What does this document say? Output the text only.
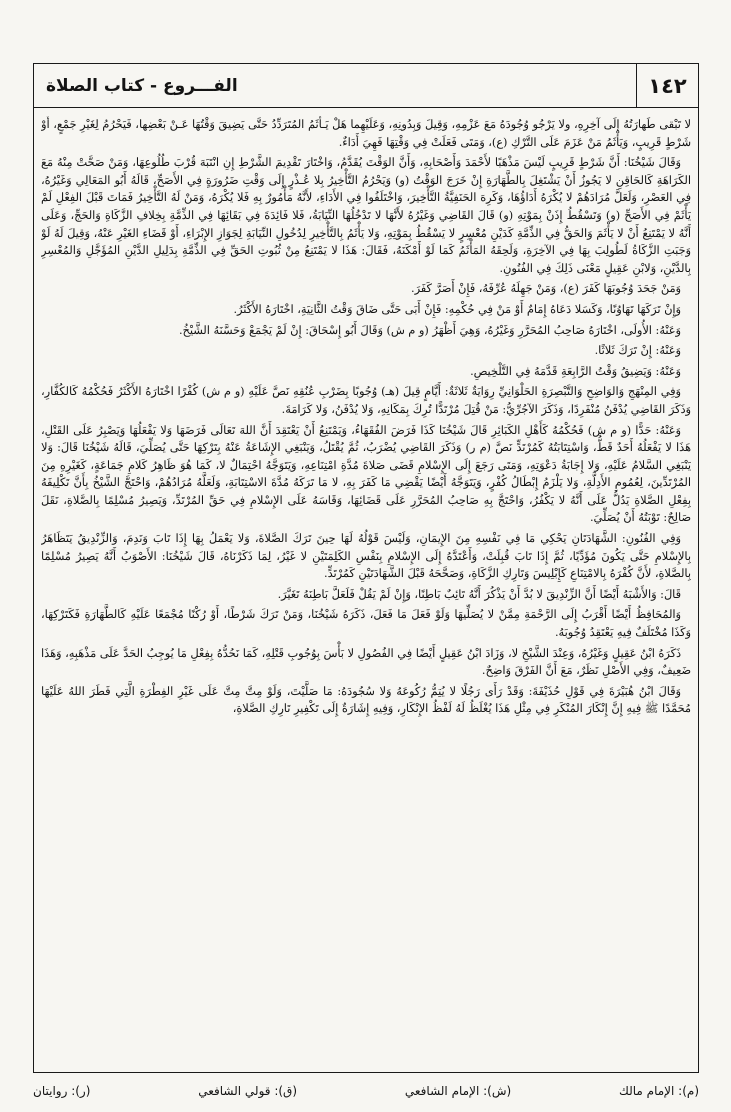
الفـــروع - كتاب الصلاة	١٤٢

لا تَبْقى طَهارَتُهُ إلَى آخِرِهِ، ولا يَرْجُو وُجُودَهُ مَعَ عَزْمِهِ، وَقِيلَ وَبِدُونِهِ، وَعَلَيْهِما هَلْ يَـأْثَمُ المُتَرَدِّدُ حَتَّى يَضِيقَ وَقْتُهَا عَـنْ بَعْضِها، فَيَحْرُمُ لِغَيْرِ جَمْعٍ، أَوْ شَرْطٍ قَرِيبٍ، وَيَأْثَمُ مَنْ عَزَمَ عَلَى التَّرْكِ (ع)، وَمَتَى فَعَلَتْ فِي وَقْتِهَا فَهِيَ أَدَاءٌ.

وَقَالَ شَيْخُنَا: أَنَّ شَرْطٍ قَرِيبٍ لَيْسَ مَذْهَبًا لأَحْمَدَ وَأَصْحَابِهِ، وَأَنَّ الوَقْتَ يُقَدَّمُ، وَاخْتَارَ تَقْدِيمَ الشَّرْطِ إِنِ انْتَبَهَ قُرْبَ طُلُوعِهَا، وَمَنْ صَحَّتْ مِنْهُ مَعَ الكَرَاهَةِ كَالحَاقِنِ لا يَجُوزُ أَنْ يَشْتَغِلَ بِالطَّهَارَةِ إِنْ خَرَجَ الوَقْتُ (و) وَيَحْرُمُ التَّأْخِيرُ بِلا عُـذْرٍ إِلَى وَقْتِ ضَرُورَةٍ فِي الأَصَحِّ، قَالَهُ أَبُو المَعَالِي وَغَيْرُهُ، فِي العَصْرِ، وَلَعَلَّ مُرَادَهُمْ لا يُكْرَهُ أَدَاؤُهَا، وَكَرِهَ الحَنَفِيَّةُ التَّأْخِيرَ، وَاخْتَلَفُوا فِي الأَدَاءِ، لأَنَّهُ مَأْمُورٌ بِهِ فَلا يُكْرَهُ، وَمَنْ لَهُ التَّأْخِيرُ فَمَاتَ قَبْلَ الفِعْلِ لَمْ يَأْثَمْ فِي الأَصَحِّ (و) وَتَسْقُطُ إِذَنْ بِمَوْتِهِ (و) قَالَ القَاضِي وَغَيْرُهُ لأَنَّهَا لا تَدْخُلُهَا النِّيَابَةُ، فَلا فَائِدَةَ فِي بَقَائِهَا فِي الذِّمَّةِ بِخِلافِ الزَّكَاةِ وَالحَجِّ، وَعَلَى أَنَّهُ لا يَمْتَنِعُ أَنْ لا يَأْثَمَ وَالحَقُّ فِي الذِّمَّةِ كَدَيْنِ مُعْسِرٍ لا يَسْقُطُ بِمَوْتِهِ، وَلا يَأْثَمُ بِالتَّأْخِيرِ لِدُخُولِ النِّيَابَةِ لِجَوَازِ الإِبْرَاءِ، أَوْ قَضَاءِ الغَيْرِ عَنْهُ، وَقِيلَ لَهُ لَوْ وَجَبَتِ الزَّكَاةُ لَطُولِبَ بِهَا فِي الآخِرَةِ، وَلَحِقَهُ المَأْثَمُ كَمَا لَوْ أَمْكَنَهُ، فَقَالَ: هَذَا لا يَمْتَنِعُ مِنْ ثُبُوتِ الحَقِّ فِي الذِّمَّةِ بِدَلِيلِ الدَّيْنِ المُؤَجَّلِ وَالمُعْسِرِ بِالدَّيْنِ، وَلابْنِ عَقِيلٍ مَعْنَى ذَلِكَ فِي الفُنُونِ.

وَمَنْ جَحَدَ وُجُوبَهَا كَفَرَ (ع)، وَمَنْ جَهِلَهُ عُرِّفَهُ، فَإِنْ أَصَرَّ كَفَرَ.

وَإِنْ تَرَكَهَا تَهَاوُنًا، وَكَسَلا دَعَاهُ إِمَامٌ أَوْ مَنْ فِي حُكْمِهِ: فَإِنْ أَبَى حَتَّى ضَاقَ وَقْتُ الثَّانِيَةِ، اخْتَارَهُ الأَكْثَرُ.

وَعَنْهُ: الأُولَى، اخْتَارَهُ صَاحِبُ المُحَرَّرِ وَغَيْرُهُ، وَهِيَ أَظْهَرُ (و م ش) وَقَالَ أَبُو إِسْحَاقَ: إِنْ لَمْ يَجْمَعْ وَحَسَّنَهُ الشَّيْخُ.

وَعَنْهُ: إِنْ تَرَكَ ثَلاثًا.

وَعَنْهُ: وَيَضِيقُ وَقْتُ الرَّابِعَةِ قَدَّمَهُ فِي التَّلْخِيصِ.

وَفِي المِنْهَجِ وَالوَاضِحِ وَالتَّبْصِرَةِ الحَلْوَانِيِّ رِوَايَةٌ ثَلاثَةٌ: أَيَّامٍ قِيلَ (هـ) وُجُوبًا بِضَرْبِ عُنُقِهِ نَصَّ عَلَيْهِ (و م ش) كُفْرًا اخْتَارَهُ الأَكْثَرُ فَحُكْمُهُ كَالكُفَّارِ، وَذَكَرَ القَاضِي يُدْفَنُ مُنْفَرِدًا، وَذَكَرَ الآجُرِّيُّ: مَنْ قُتِلَ مُرْتَدًّا تُرِكَ بِمَكَانِهِ، وَلا يُدْفَنُ، وَلا كَرَامَةَ.

وَعَنْهُ: حَدًّا (و م ش) فَحُكْمُهُ كَأَهْلِ الكَبَائِرِ قَالَ شَيْخُنَا كَذَا فَرَضَ الفُقَهَاءُ، وَيَمْتَنِعُ أَنْ يَعْتَقِدَ أَنَّ اللهَ تَعَالَى فَرَضَهَا وَلا يَفْعَلُهَا وَيَصْبِرُ عَلَى القَتْلِ، هَذَا لا يَفْعَلُهُ أَحَدٌ قَطُّ، وَاسْتِتَابَتُهُ كَمُرْتَدٍّ نَصَّ (م ر) وَذَكَرَ القَاضِي يُضْرَبُ، ثُمَّ يُقْتَلُ، وَيَنْبَغِي الإِشَاعَةُ عَنْهُ بِتَرْكِهَا حَتَّى يُصَلِّيَ، قَالَهُ شَيْخُنَا قَالَ: وَلا يَنْبَغِي السَّلامُ عَلَيْهِ، وَلا إِجَابَةُ دَعْوَتِهِ، وَمَتَى رَجَعَ إِلَى الإِسْلامِ قَضَى صَلاةَ مُدَّةِ امْتِنَاعِهِ، وَيَتَوَجَّهُ احْتِمَالٌ لا، كَمَا هُوَ ظَاهِرُ كَلامِ جَمَاعَةٍ، كَغَيْرِهِ مِنَ المُرْتَدِّينَ، لِعُمُومِ الأَدِلَّةِ، وَلا يَلْزَمُ إِبْطَالُ كُفْرٍ، وَيَتَوَجَّهُ أَيْضًا يَقْضِي مَا كَفَرَ بِهِ، لا مَا تَرَكَهُ مُدَّةَ الاسْتِتَابَةِ، وَلَعَلَّهُ مُرَادُهُمْ، وَاحْتَجَّ الشَّيْخُ بِأَنَّ تَكْلِيفَهُ بِفِعْلِ الصَّلاةِ يَدُلُّ عَلَى أَنَّهُ لا يَكْفُرُ، وَاحْتَجَّ بِهِ صَاحِبُ المُحَرَّرِ عَلَى قَضَائِهَا، وَقَاسَهُ عَلَى الإِسْلامِ فِي حَقِّ المُرْتَدِّ، وَيَصِيرُ مُسْلِمًا بِالصَّلاةِ، نَقَلَ صَالِحٌ: تَوْبَتُهُ أَنْ يُصَلِّيَ.

وَفِي الفُنُونِ: الشَّهَادَتَانِ يَحْكِي مَا فِي نَفْسِهِ مِنَ الإِيمَانِ، وَلَيْسَ قَوْلُهُ لَهَا حِينَ تَرَكَ الصَّلاةَ، وَلا يَعْمَلُ بِهَا إِذَا تَابَ وَنَدِمَ، وَالزِّنْدِيقُ يَتَظَاهَرُ بِالإِسْلامِ حَتَّى يَكُونَ مُؤَدِّيًا، ثُمَّ إِذَا تَابَ قُبِلَتْ، وَأَعْتَدَّهُ إِلَى الإِسْلامِ بِنَفْسِ الكَلِمَتَيْنِ لا غَيْرُ، لِمَا ذَكَرْنَاهُ، قَالَ شَيْخُنَا: الأَصْوَبُ أَنَّهُ يَصِيرُ مُسْلِمًا بِالصَّلاةِ، لأَنَّ كُفْرَهُ بِالامْتِنَاعِ كَإِبْلِيسَ وَتَارِكِ الزَّكَاةِ، وَصَحَّحَهُ قَبْلَ الشَّهَادَتَيْنِ كَمُرْتَدٍّ.

قَالَ: وَالأَشْبَهُ أَيْضًا أَنَّ الزِّنْدِيقَ لا بُدَّ أَنْ يَذْكُرَ أَنَّهُ تَائِبٌ بَاطِنًا، وَإِنْ لَمْ يَقُلْ فَلَعَلَّ بَاطِنَهُ تَغَيَّرَ.

وَالمُحَافِظُ أَيْضًا أَقْرَبُ إِلَى الرَّحْمَةِ مِمَّنْ لا يُصَلِّيهَا وَلَوْ فَعَلَ مَا فَعَلَ، ذَكَرَهُ شَيْخُنَا، وَمَنْ تَرَكَ شَرْطًا، أَوْ رُكْنًا مُجْمَعًا عَلَيْهِ كَالطَّهَارَةِ فَكَتَرْكِهَا، وَكَذَا مُخْتَلَفٌ فِيهِ يَعْتَقِدُ وُجُوبَهُ.

ذَكَرَهُ ابْنُ عَقِيلٍ وَغَيْرُهُ، وَعِنْدَ الشَّيْخِ لا، وَزَادَ ابْنُ عَقِيلٍ أَيْضًا فِي الفُصُولِ لا بَأْسَ بِوُجُوبِ قَتْلِهِ، كَمَا نَحُدُّهُ بِفِعْلِ مَا يُوجِبُ الحَدَّ عَلَى مَذْهَبِهِ، وَهَذَا ضَعِيفٌ، وَفِي الأَصْلِ نَظَرٌ، مَعَ أَنَّ الفَرْقَ وَاضِحٌ.

وَقَالَ ابْنُ هُبَيْرَةَ فِي قَوْلِ حُذَيْفَةَ: وَقَدْ رَأَى رَجُلًا لا يُتِمُّ رُكُوعَهُ وَلا سُجُودَهُ: مَا صَلَّيْتَ، وَلَوْ مِتَّ مِتَّ عَلَى غَيْرِ الفِطْرَةِ الَّتِي فَطَرَ اللهُ عَلَيْهَا مُحَمَّدًا ﷺ فِيهِ إِنَّ إِنْكَارَ المُنْكَرِ فِي مِثْلِ هَذَا يُغْلَظُ لَهُ لَفْظُ الإِنْكَارِ، وَفِيهِ إِشَارَةٌ إِلَى تَكْفِيرِ تَارِكِ الصَّلاةِ،

(م): الإمام مالك
(ش): الإمام الشافعي
(ق): قولي الشافعي
(ر): روايتان
